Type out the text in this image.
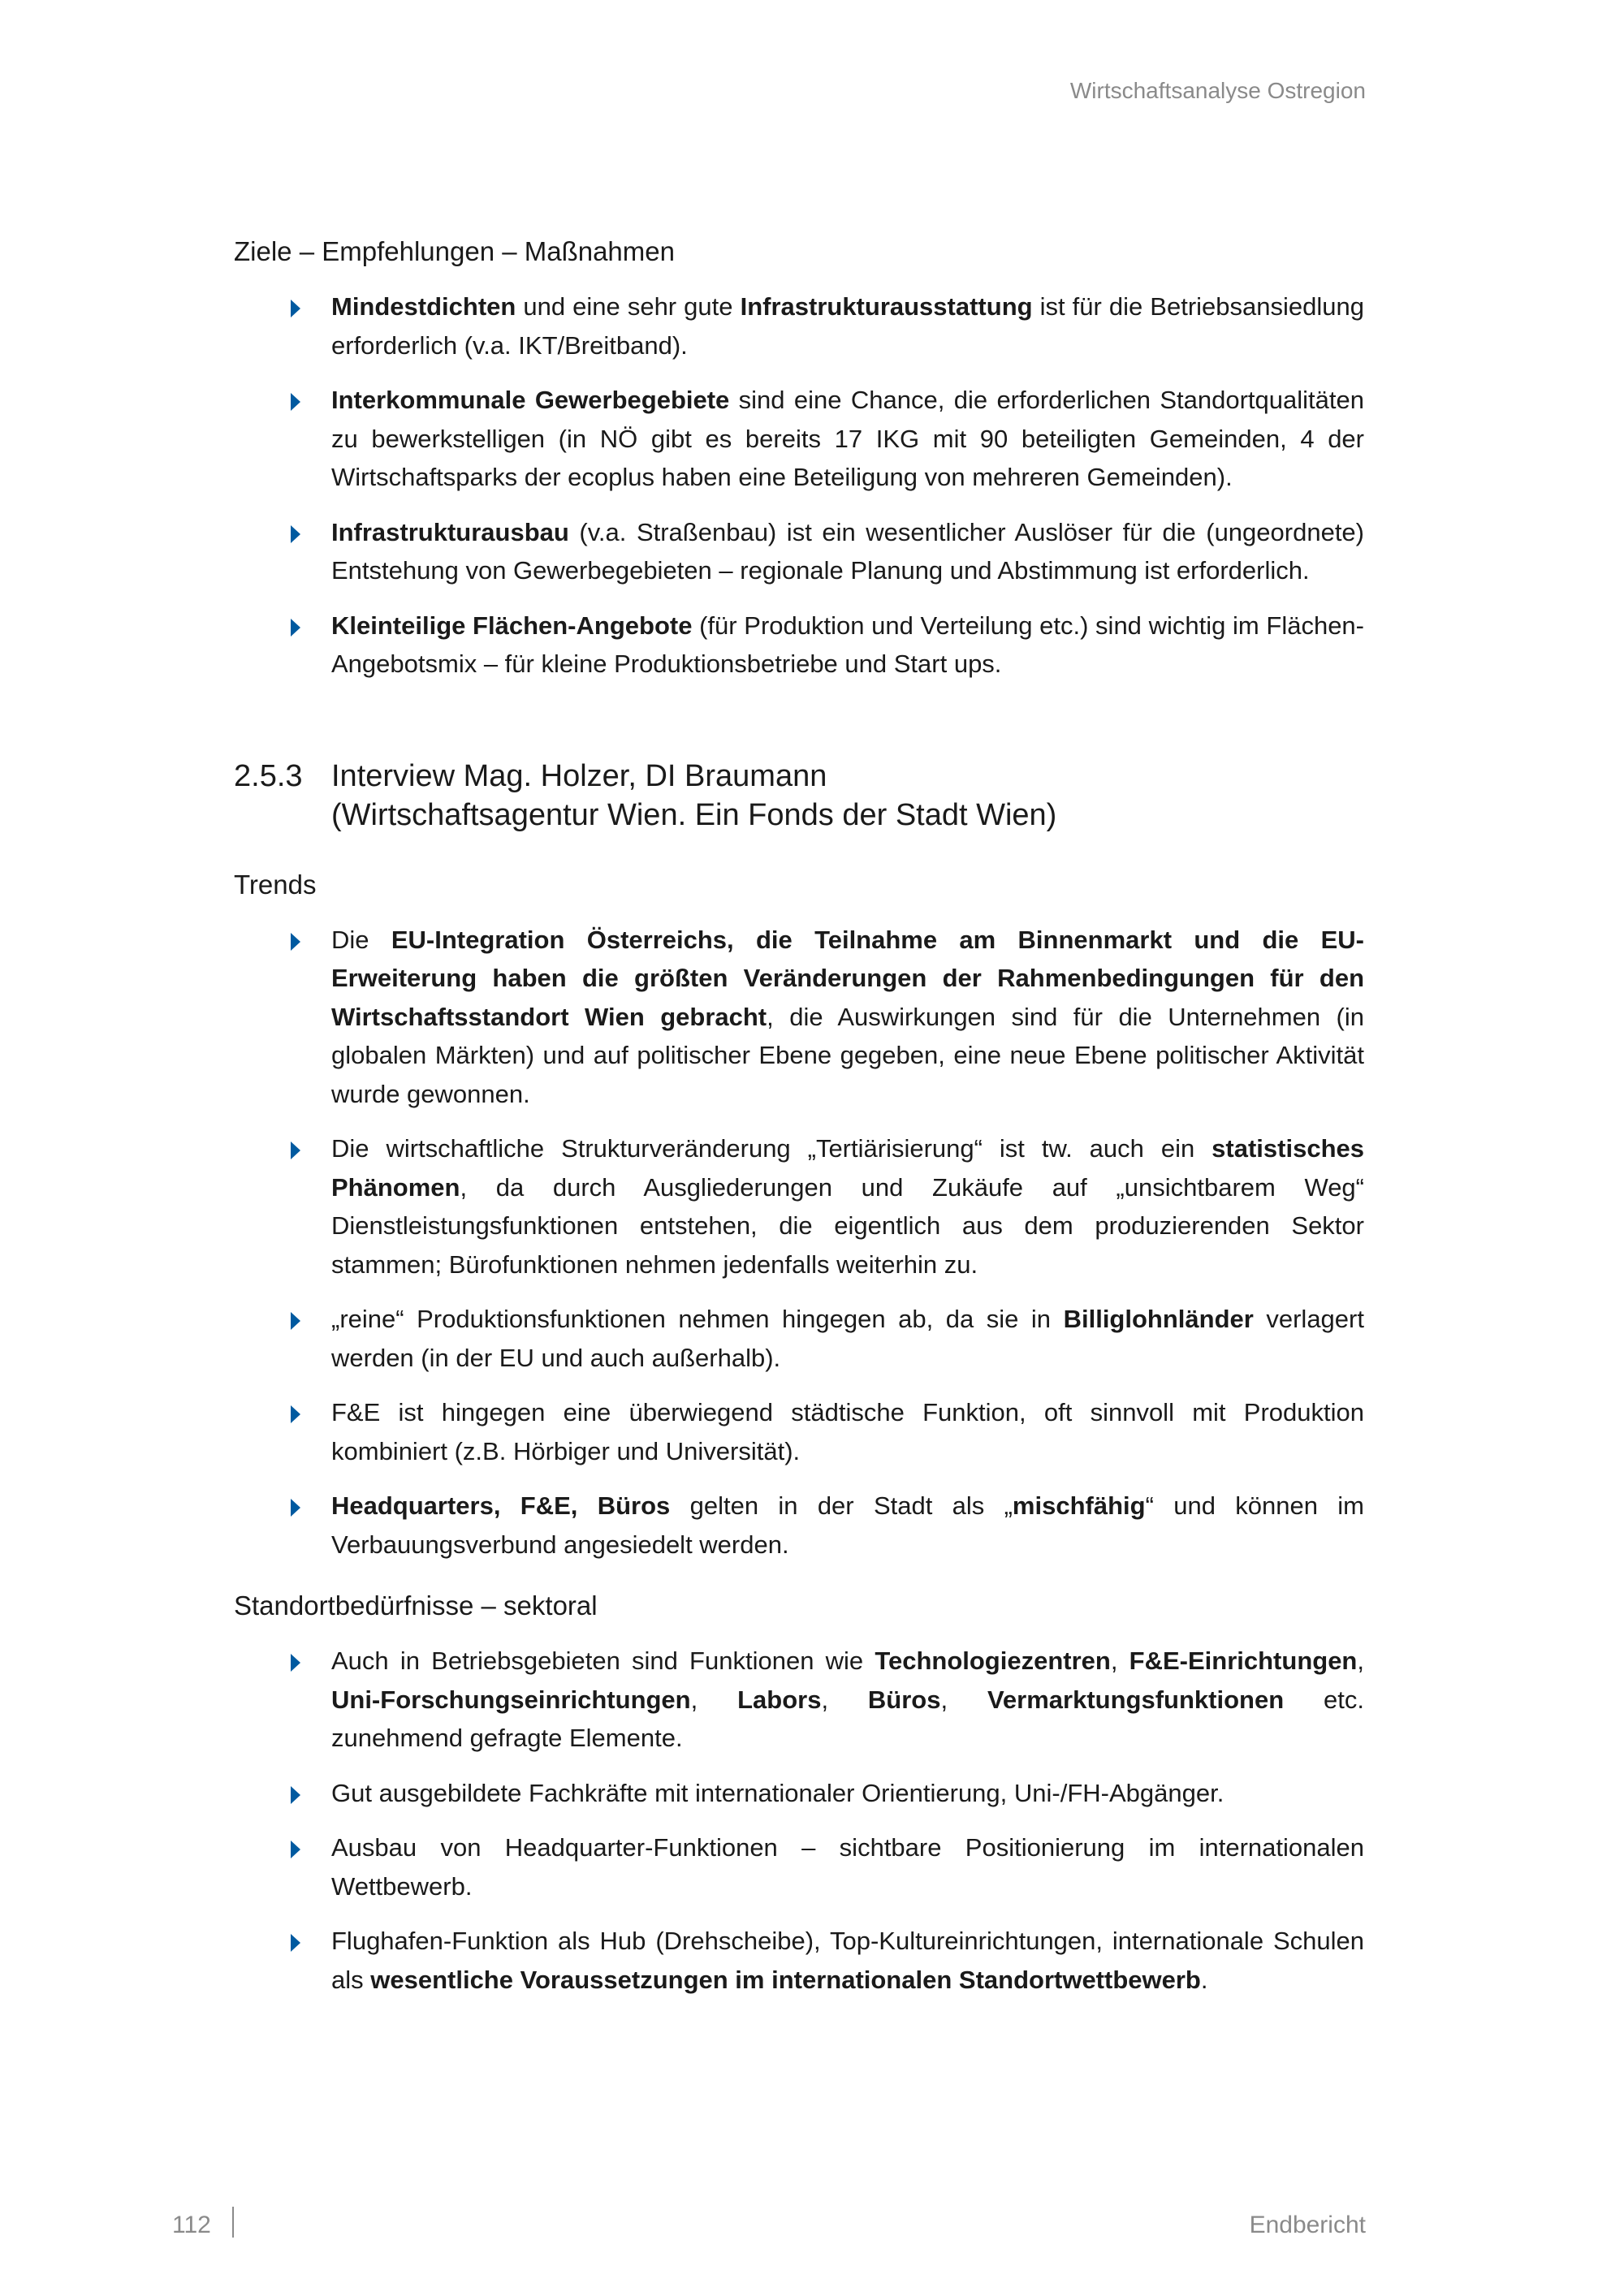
Wirtschaftsanalyse Ostregion
Ziele – Empfehlungen – Maßnahmen
Mindestdichten und eine sehr gute Infrastrukturausstattung ist für die Betriebsansiedlung erforderlich (v.a. IKT/Breitband).
Interkommunale Gewerbegebiete sind eine Chance, die erforderlichen Standortqualitäten zu bewerkstelligen (in NÖ gibt es bereits 17 IKG mit 90 beteiligten Gemeinden, 4 der Wirtschaftsparks der ecoplus haben eine Beteiligung von mehreren Gemeinden).
Infrastrukturausbau (v.a. Straßenbau) ist ein wesentlicher Auslöser für die (ungeordnete) Entstehung von Gewerbegebieten – regionale Planung und Abstimmung ist erforderlich.
Kleinteilige Flächen-Angebote (für Produktion und Verteilung etc.) sind wichtig im Flächen-Angebotsmix – für kleine Produktionsbetriebe und Start ups.
2.5.3 Interview Mag. Holzer, DI Braumann
(Wirtschaftsagentur Wien. Ein Fonds der Stadt Wien)
Trends
Die EU-Integration Österreichs, die Teilnahme am Binnenmarkt und die EU-Erweiterung haben die größten Veränderungen der Rahmenbedingungen für den Wirtschaftsstandort Wien gebracht, die Auswirkungen sind für die Unternehmen (in globalen Märkten) und auf politischer Ebene gegeben, eine neue Ebene politischer Aktivität wurde gewonnen.
Die wirtschaftliche Strukturveränderung „Tertiärisierung“ ist tw. auch ein statistisches Phänomen, da durch Ausgliederungen und Zukäufe auf „unsichtbarem Weg“ Dienstleistungsfunktionen entstehen, die eigentlich aus dem produzierenden Sektor stammen; Bürofunktionen nehmen jedenfalls weiterhin zu.
„reine“ Produktionsfunktionen nehmen hingegen ab, da sie in Billiglohnländer verlagert werden (in der EU und auch außerhalb).
F&E ist hingegen eine überwiegend städtische Funktion, oft sinnvoll mit Produktion kombiniert (z.B. Hörbiger und Universität).
Headquarters, F&E, Büros gelten in der Stadt als „mischfähig“ und können im Verbauungsverbund angesiedelt werden.
Standortbedürfnisse – sektoral
Auch in Betriebsgebieten sind Funktionen wie Technologiezentren, F&E-Einrichtungen, Uni-Forschungseinrichtungen, Labors, Büros, Vermarktungsfunktionen etc. zunehmend gefragte Elemente.
Gut ausgebildete Fachkräfte mit internationaler Orientierung, Uni-/FH-Abgänger.
Ausbau von Headquarter-Funktionen – sichtbare Positionierung im internationalen Wettbewerb.
Flughafen-Funktion als Hub (Drehscheibe), Top-Kultureinrichtungen, internationale Schulen als wesentliche Voraussetzungen im internationalen Standortwettbewerb.
112	Endbericht
